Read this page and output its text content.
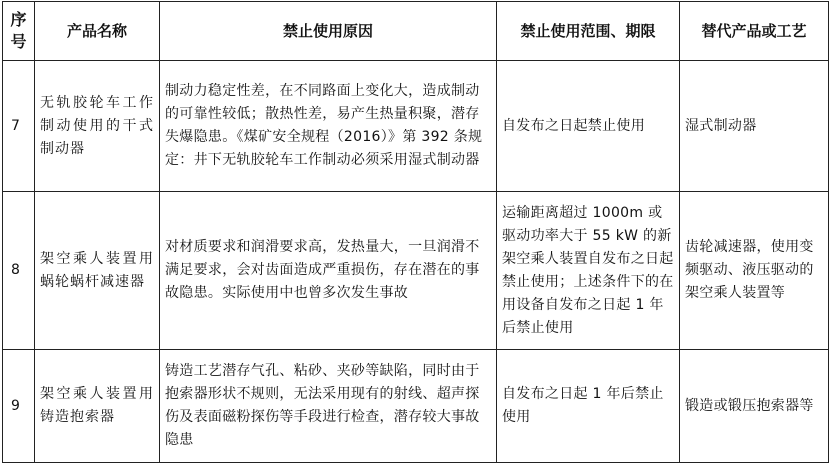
序号	产品名称	禁止使用原因	禁止使用范围、期限	替代产品或工艺
7	无轨胶轮车工作制动使用的干式制动器	制动力稳定性差，在不同路面上变化大，造成制动的可靠性较低；散热性差，易产生热量积聚，潜存失爆隐患。《煤矿安全规程（2016）》第 392 条规定：井下无轨胶轮车工作制动必须采用湿式制动器	自发布之日起禁止使用	湿式制动器
8	架空乘人装置用蜗轮蜗杆减速器	对材质要求和润滑要求高，发热量大，一旦润滑不满足要求，会对齿面造成严重损伤，存在潜在的事故隐患。实际使用中也曾多次发生事故	运输距离超过 1000m 或驱动功率大于 55 kW 的新架空乘人装置自发布之日起禁止使用；上述条件下的在用设备自发布之日起 1 年后禁止使用	齿轮减速器，使用变频驱动、液压驱动的架空乘人装置等
9	架空乘人装置用铸造抱索器	铸造工艺潜存气孔、粘砂、夹砂等缺陷，同时由于抱索器形状不规则，无法采用现有的射线、超声探伤及表面磁粉探伤等手段进行检查，潜存较大事故隐患	自发布之日起 1 年后禁止使用	锻造或锻压抱索器等
